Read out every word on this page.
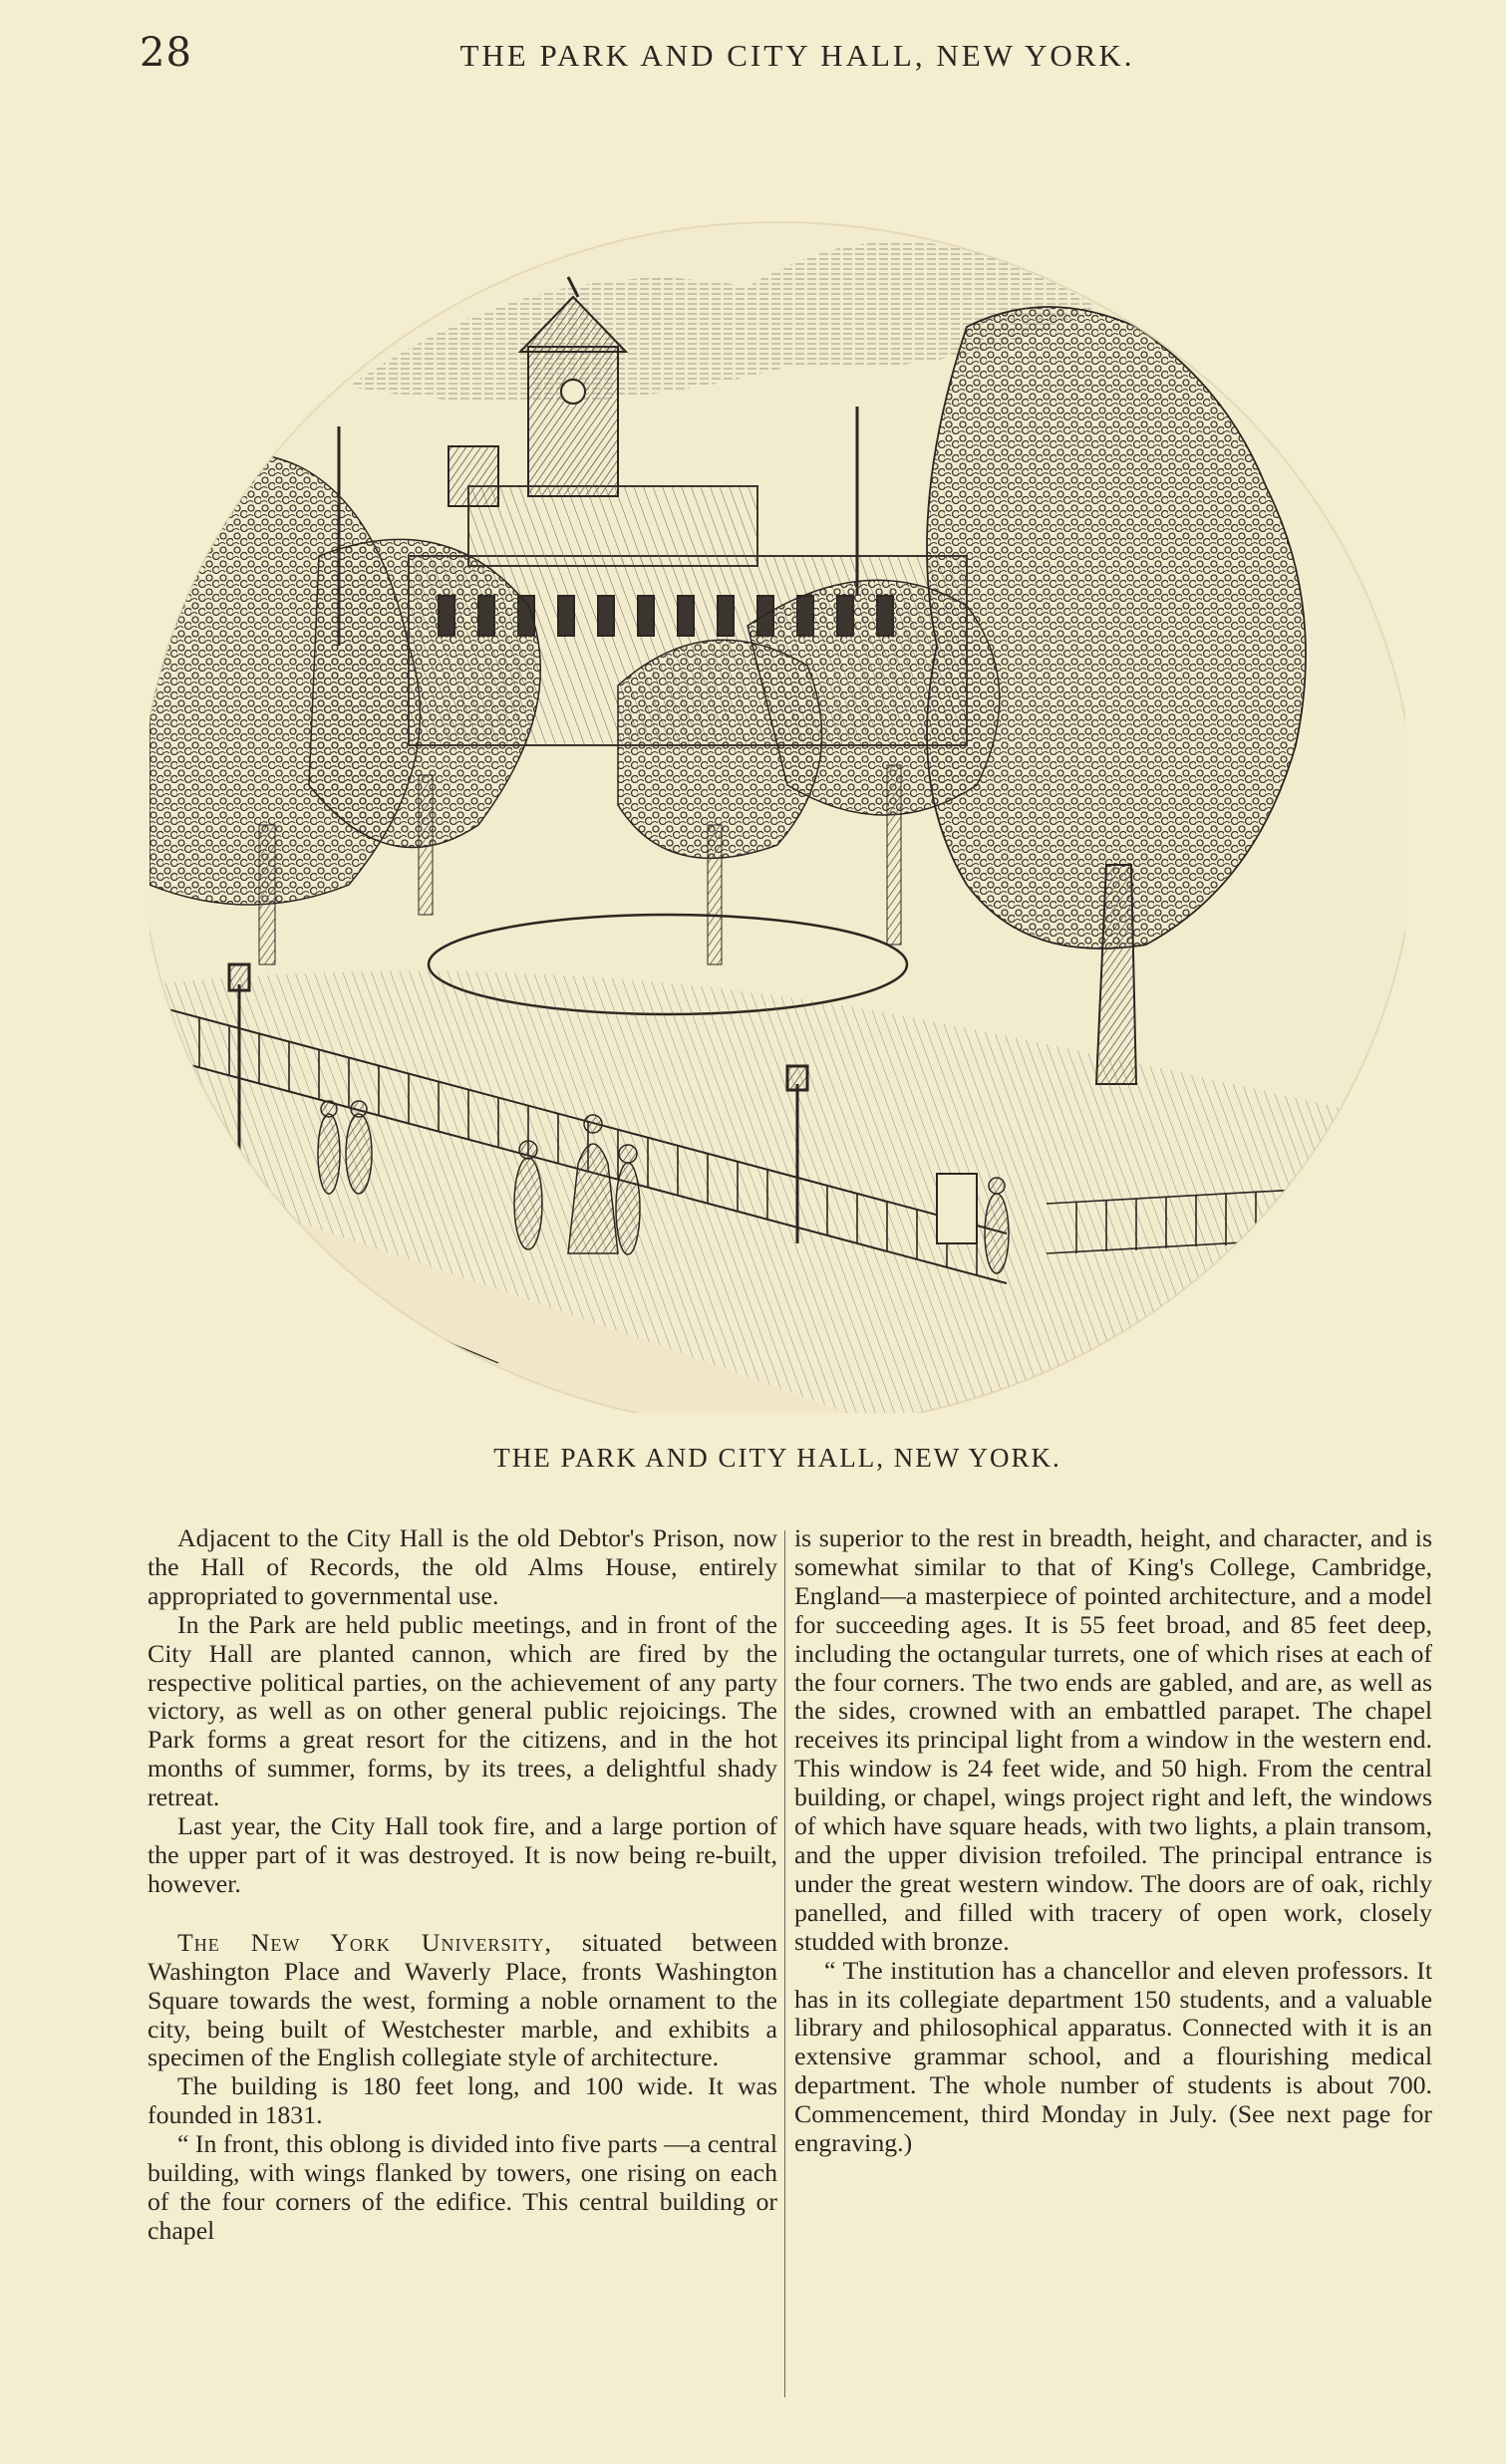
28	THE PARK AND CITY HALL, NEW YORK.
THE PARK AND CITY HALL, NEW YORK.

Adjacent to the City Hall is the old Debtor's Prison, now the Hall of Records, the old Alms House, entirely appropriated to governmental use.

In the Park are held public meetings, and in front of the City Hall are planted cannon, which are fired by the respective political parties, on the achievement of any party victory, as well as on other general public rejoicings. The Park forms a great resort for the citizens, and in the hot months of summer, forms, by its trees, a delightful shady retreat.

Last year, the City Hall took fire, and a large portion of the upper part of it was destroyed. It is now being re-built, however.

The New York University, situated between Washington Place and Waverly Place, fronts Washington Square towards the west, forming a noble ornament to the city, being built of Westchester marble, and exhibits a specimen of the English collegiate style of architecture.

The building is 180 feet long, and 100 wide. It was founded in 1831.

“ In front, this oblong is divided into five parts —a central building, with wings flanked by towers, one rising on each of the four corners of the edifice. This central building or chapel

is superior to the rest in breadth, height, and character, and is somewhat similar to that of King's College, Cambridge, England—a masterpiece of pointed architecture, and a model for succeeding ages. It is 55 feet broad, and 85 feet deep, including the octangular turrets, one of which rises at each of the four corners. The two ends are gabled, and are, as well as the sides, crowned with an embattled parapet. The chapel receives its principal light from a window in the western end. This window is 24 feet wide, and 50 high. From the central building, or chapel, wings project right and left, the windows of which have square heads, with two lights, a plain transom, and the upper division trefoiled. The principal entrance is under the great western window. The doors are of oak, richly panelled, and filled with tracery of open work, closely studded with bronze.

“ The institution has a chancellor and eleven professors. It has in its collegiate department 150 students, and a valuable library and philosophical apparatus. Connected with it is an extensive grammar school, and a flourishing medical department. The whole number of students is about 700. Commencement, third Monday in July. (See next page for engraving.)
